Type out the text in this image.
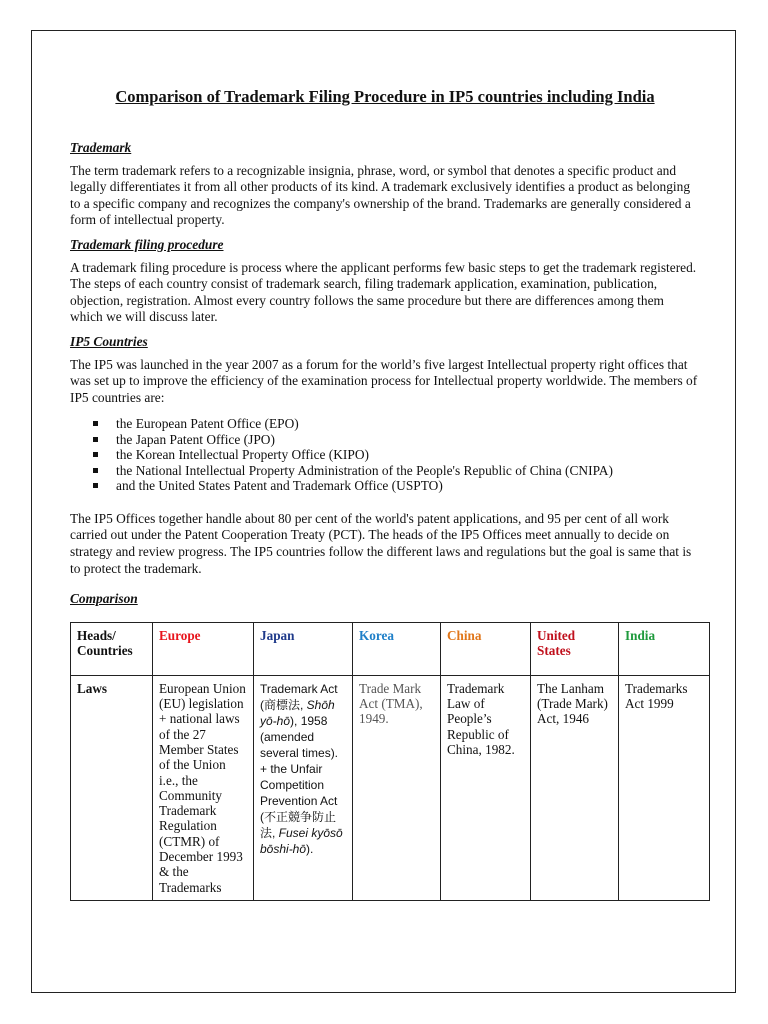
Comparison of Trademark Filing Procedure in IP5 countries including India
Trademark

The term trademark refers to a recognizable insignia, phrase, word, or symbol that denotes a specific product and legally differentiates it from all other products of its kind. A trademark exclusively identifies a product as belonging to a specific company and recognizes the company's ownership of the brand. Trademarks are generally considered a form of intellectual property.

Trademark filing procedure

A trademark filing procedure is process where the applicant performs few basic steps to get the trademark registered. The steps of each country consist of trademark search, filing trademark application, examination, publication, objection, registration. Almost every country follows the same procedure but there are differences among them which we will discuss later.

IP5 Countries

The IP5 was launched in the year 2007 as a forum for the world’s five largest Intellectual property right offices that was set up to improve the efficiency of the examination process for Intellectual property worldwide. The members of IP5 countries are:

the European Patent Office (EPO)
the Japan Patent Office (JPO)
the Korean Intellectual Property Office (KIPO)
the National Intellectual Property Administration of the People's Republic of China (CNIPA)
and the United States Patent and Trademark Office (USPTO)

The IP5 Offices together handle about 80 per cent of the world's patent applications, and 95 per cent of all work carried out under the Patent Cooperation Treaty (PCT). The heads of the IP5 Offices meet annually to decide on strategy and review progress. The IP5 countries follow the different laws and regulations but the goal is same that is to protect the trademark.

Comparison
Heads/ Countries	Europe	Japan	Korea	China	United States	India
Laws	European Union (EU) legislation + national laws of the 27 Member States of the Union i.e., the Community Trademark Regulation (CTMR) of December 1993 & the Trademarks	Trademark Act (商標法, Shōh yō-hō), 1958 (amended several times). + the Unfair Competition Prevention Act (不正競争防止法, Fusei kyōsō bōshi-hō).	Trade Mark Act (TMA), 1949.	Trademark Law of People’s Republic of China, 1982.	The Lanham (Trade Mark) Act, 1946	Trademarks Act 1999
